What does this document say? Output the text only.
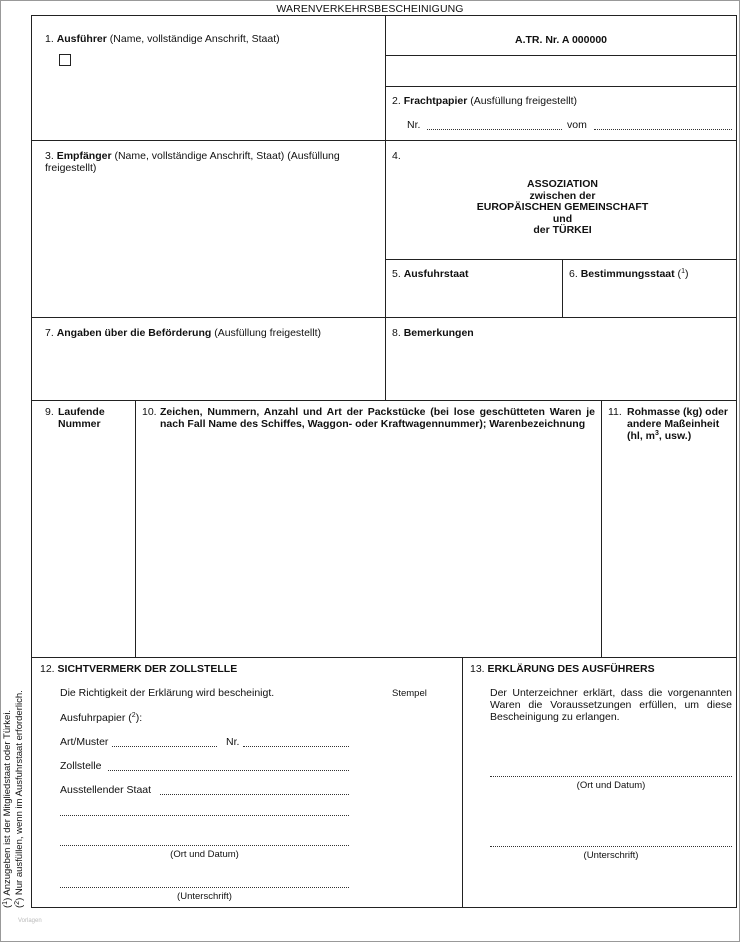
WARENVERKEHRSBESCHEINIGUNG
1. Ausführer (Name, vollständige Anschrift, Staat)	A.TR. Nr. A 000000
2. Frachtpapier (Ausfüllung freigestellt)
Nr.	vom
3. Empfänger (Name, vollständige Anschrift, Staat) (Ausfüllung freigestellt)
4.
ASSOZIATION
zwischen der
EUROPÄISCHEN GEMEINSCHAFT
und
der TÜRKEI
5. Ausfuhrstaat	6. Bestimmungsstaat ($^1$)
7. Angaben über die Beförderung (Ausfüllung freigestellt)	8. Bemerkungen
9. Laufende
Nummer
10. Zeichen, Nummern, Anzahl und Art der Packstücke (bei lose geschütteten Waren je nach Fall Name des Schiffes, Waggon- oder Kraftwagennummer); Warenbezeichnung
11. Rohmasse (kg) oder
andere Maßeinheit
(hl, $m^3$, usw.)
12. SICHTVERMERK DER ZOLLSTELLE
Die Richtigkeit der Erklärung wird bescheinigt.	Stempel
Ausfuhrpapier ($^2$):
Art/Muster	Nr.
Zollstelle
Ausstellender Staat
(Ort und Datum)
(Unterschrift)
13. ERKLÄRUNG DES AUSFÜHRERS
Der Unterzeichner erklärt, dass die vorgenannten Waren die Voraussetzungen erfüllen, um diese Bescheinigung zu erlangen.
(Ort und Datum)
(Unterschrift)
($^1$) Anzugeben ist der Mitgliedstaat oder Türkei.
($^2$) Nur ausfüllen, wenn im Ausfuhrstaat erforderlich.
Vorlagen
